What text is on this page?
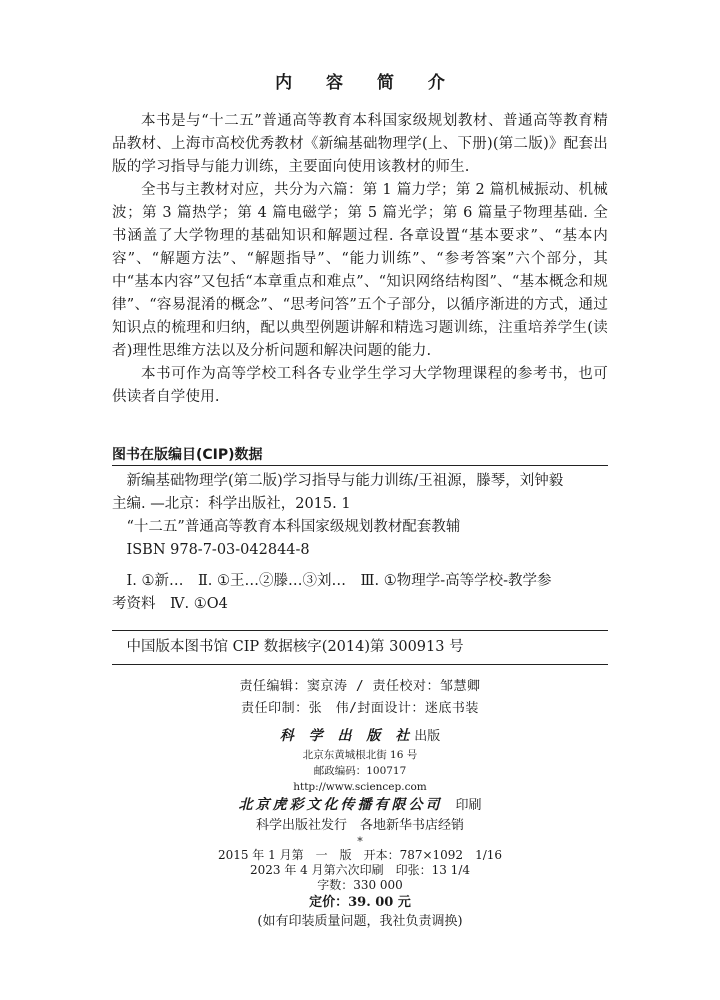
内 容 简 介

本书是与“十二五”普通高等教育本科国家级规划教材、普通高等教育精品教材、上海市高校优秀教材《新编基础物理学(上、下册)(第二版)》配套出版的学习指导与能力训练，主要面向使用该教材的师生.

全书与主教材对应，共分为六篇：第 1 篇力学；第 2 篇机械振动、机械波；第 3 篇热学；第 4 篇电磁学；第 5 篇光学；第 6 篇量子物理基础. 全书涵盖了大学物理的基础知识和解题过程. 各章设置“基本要求”、“基本内容”、“解题方法”、“解题指导”、“能力训练”、“参考答案”六个部分，其中“基本内容”又包括“本章重点和难点”、“知识网络结构图”、“基本概念和规律”、“容易混淆的概念”、“思考问答”五个子部分，以循序渐进的方式，通过知识点的梳理和归纳，配以典型例题讲解和精选习题训练，注重培养学生(读者)理性思维方法以及分析问题和解决问题的能力.

本书可作为高等学校工科各专业学生学习大学物理课程的参考书，也可供读者自学使用.

图书在版编目(CIP)数据

新编基础物理学(第二版)学习指导与能力训练/王祖源，滕琴，刘钟毅

主编. —北京：科学出版社，2015. 1

“十二五”普通高等教育本科国家级规划教材配套教辅

ISBN 978-7-03-042844-8

Ⅰ. ①新…　Ⅱ. ①王…②滕…③刘…　Ⅲ. ①物理学-高等学校-教学参

考资料　Ⅳ. ①O4

中国版本图书馆 CIP 数据核字(2014)第 300913 号

责任编辑：窦京涛 / 责任校对：邹慧卿
责任印制：张　伟/封面设计：迷底书装
科 学 出 版 社出版
北京东黄城根北街 16 号
邮政编码：100717
http://www.sciencep.com
北京虎彩文化传播有限公司　 印刷
科学出版社发行　各地新华书店经销
*
2015 年 1 月第　一　版　开本：787×1092　1/16
2023 年 4 月第六次印刷　印张：13 1/4
字数：330 000
定价：39. 00 元
(如有印装质量问题，我社负责调换)
